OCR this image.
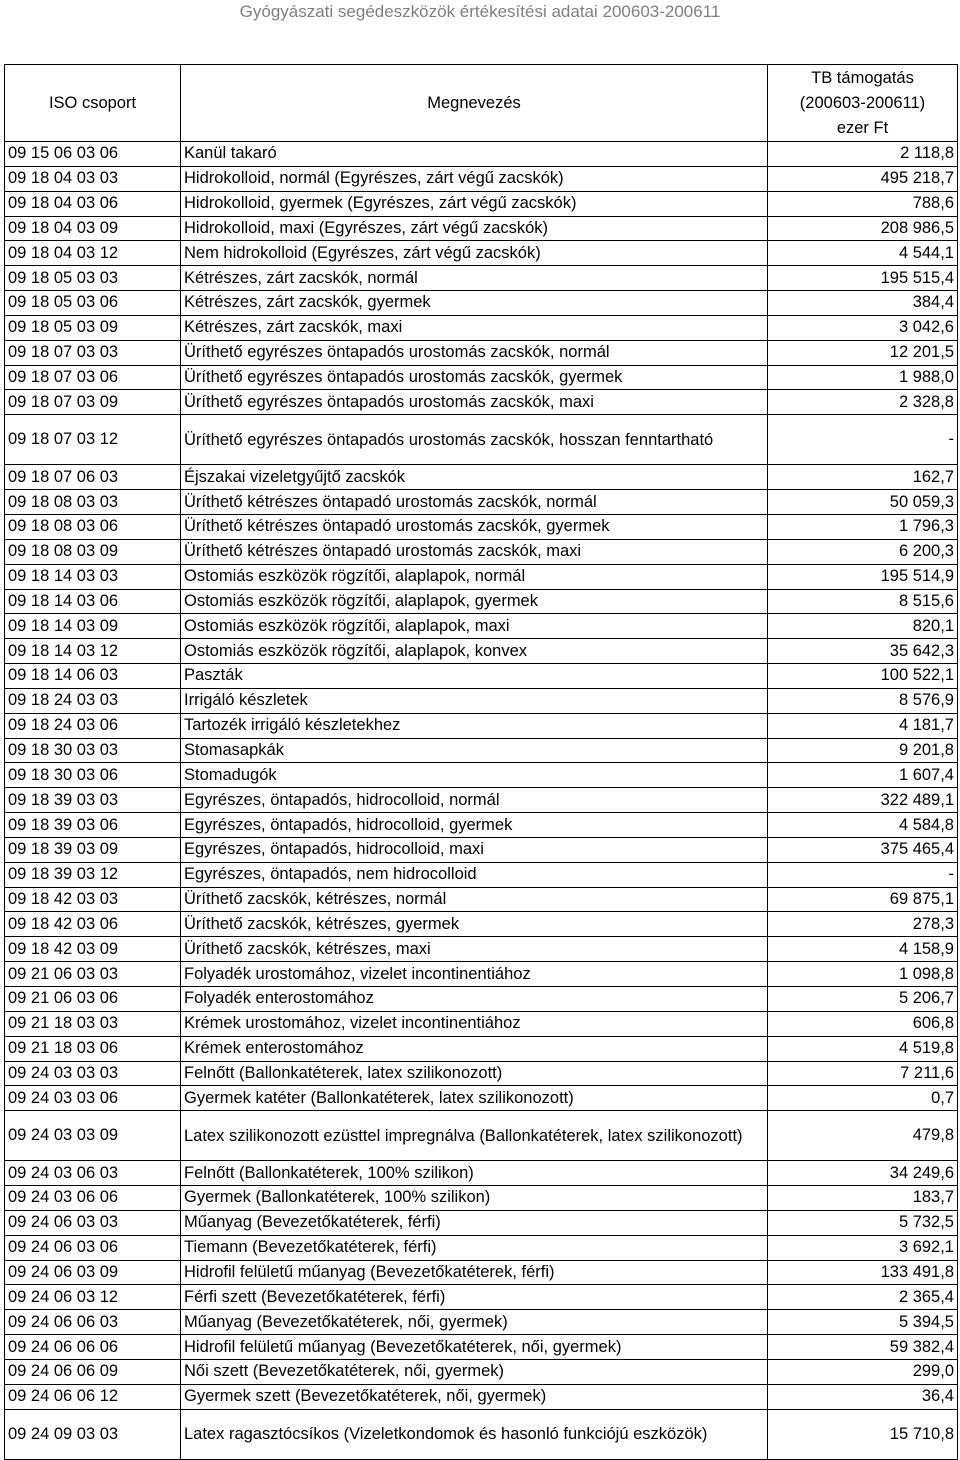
Gyógyászati segédeszközök értékesítési adatai 200603-200611
ISO csoport	Megnevezés	TB támogatás
(200603-200611)
ezer Ft

09 15 06 03 06	Kanül takaró	2 118,8
09 18 04 03 03	Hidrokolloid, normál (Egyrészes, zárt végű zacskók)	495 218,7
09 18 04 03 06	Hidrokolloid, gyermek (Egyrészes, zárt végű zacskók)	788,6
09 18 04 03 09	Hidrokolloid, maxi (Egyrészes, zárt végű zacskók)	208 986,5
09 18 04 03 12	Nem hidrokolloid (Egyrészes, zárt végű zacskók)	4 544,1
09 18 05 03 03	Kétrészes, zárt zacskók, normál	195 515,4
09 18 05 03 06	Kétrészes, zárt zacskók, gyermek	384,4
09 18 05 03 09	Kétrészes, zárt zacskók, maxi	3 042,6
09 18 07 03 03	Üríthető egyrészes öntapadós urostomás zacskók, normál	12 201,5
09 18 07 03 06	Üríthető egyrészes öntapadós urostomás zacskók, gyermek	1 988,0
09 18 07 03 09	Üríthető egyrészes öntapadós urostomás zacskók, maxi	2 328,8
09 18 07 03 12	Üríthető egyrészes öntapadós urostomás zacskók, hosszan fenntartható	-
09 18 07 06 03	Éjszakai vizeletgyűjtő zacskók	162,7
09 18 08 03 03	Üríthető kétrészes öntapadó urostomás zacskók, normál	50 059,3
09 18 08 03 06	Üríthető kétrészes öntapadó urostomás zacskók, gyermek	1 796,3
09 18 08 03 09	Üríthető kétrészes öntapadó urostomás zacskók, maxi	6 200,3
09 18 14 03 03	Ostomiás eszközök rögzítői, alaplapok, normál	195 514,9
09 18 14 03 06	Ostomiás eszközök rögzítői, alaplapok, gyermek	8 515,6
09 18 14 03 09	Ostomiás eszközök rögzítői, alaplapok, maxi	820,1
09 18 14 03 12	Ostomiás eszközök rögzítői, alaplapok, konvex	35 642,3
09 18 14 06 03	Paszták	100 522,1
09 18 24 03 03	Irrigáló készletek	8 576,9
09 18 24 03 06	Tartozék irrigáló készletekhez	4 181,7
09 18 30 03 03	Stomasapkák	9 201,8
09 18 30 03 06	Stomadugók	1 607,4
09 18 39 03 03	Egyrészes, öntapadós, hidrocolloid, normál	322 489,1
09 18 39 03 06	Egyrészes, öntapadós, hidrocolloid, gyermek	4 584,8
09 18 39 03 09	Egyrészes, öntapadós, hidrocolloid, maxi	375 465,4
09 18 39 03 12	Egyrészes, öntapadós, nem hidrocolloid	-
09 18 42 03 03	Üríthető zacskók, kétrészes, normál	69 875,1
09 18 42 03 06	Üríthető zacskók, kétrészes, gyermek	278,3
09 18 42 03 09	Üríthető zacskók, kétrészes, maxi	4 158,9
09 21 06 03 03	Folyadék urostomához, vizelet incontinentiához	1 098,8
09 21 06 03 06	Folyadék enterostomához	5 206,7
09 21 18 03 03	Krémek urostomához, vizelet incontinentiához	606,8
09 21 18 03 06	Krémek enterostomához	4 519,8
09 24 03 03 03	Felnőtt (Ballonkatéterek, latex szilikonozott)	7 211,6
09 24 03 03 06	Gyermek katéter (Ballonkatéterek, latex szilikonozott)	0,7
09 24 03 03 09	Latex szilikonozott ezüsttel impregnálva (Ballonkatéterek, latex szilikonozott)	479,8
09 24 03 06 03	Felnőtt (Ballonkatéterek, 100% szilikon)	34 249,6
09 24 03 06 06	Gyermek (Ballonkatéterek, 100% szilikon)	183,7
09 24 06 03 03	Műanyag (Bevezetőkatéterek, férfi)	5 732,5
09 24 06 03 06	Tiemann (Bevezetőkatéterek, férfi)	3 692,1
09 24 06 03 09	Hidrofil felületű műanyag (Bevezetőkatéterek, férfi)	133 491,8
09 24 06 03 12	Férfi szett (Bevezetőkatéterek, férfi)	2 365,4
09 24 06 06 03	Műanyag (Bevezetőkatéterek, női, gyermek)	5 394,5
09 24 06 06 06	Hidrofil felületű műanyag (Bevezetőkatéterek, női, gyermek)	59 382,4
09 24 06 06 09	Női szett (Bevezetőkatéterek, női, gyermek)	299,0
09 24 06 06 12	Gyermek szett (Bevezetőkatéterek, női, gyermek)	36,4
09 24 09 03 03	Latex ragasztócsíkos (Vizeletkondomok és hasonló funkciójú eszközök)	15 710,8
